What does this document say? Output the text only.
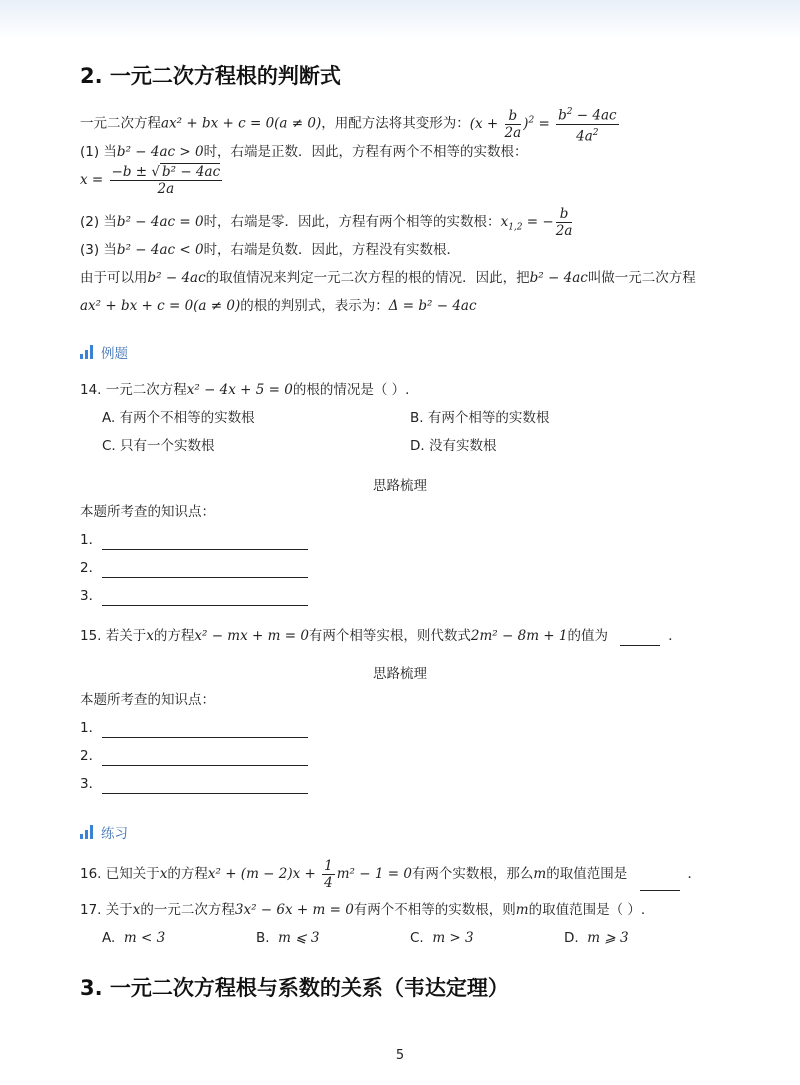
2. 一元二次方程根的判断式
一元二次方程ax² + bx + c = 0(a ≠ 0)，用配方法将其变形为：$(x + \frac{b}{2a} )^2 = \frac{b^2 - 4ac}{4a^2}$
(1) 当b² − 4ac > 0时，右端是正数．因此，方程有两个不相等的实数根：
$x = \frac{\text{−b ± √ b² − 4ac}}{2a}$
(2) 当b² − 4ac = 0时，右端是零．因此，方程有两个相等的实数根：$x_{1,2}$ = − $\frac{b}{2a}$
(3) 当b² − 4ac < 0时，右端是负数．因此，方程没有实数根．
由于可以用b² − 4ac的取值情况来判定一元二次方程的根的情况．因此，把b² − 4ac叫做一元二次方程
ax² + bx + c = 0(a ≠ 0)的根的判别式，表示为：Δ = b² − 4ac
例题
14. 一元二次方程x² − 4x + 5 = 0的根的情况是（ ）.
A. 有两个不相等的实数根	B. 有两个相等的实数根
C. 只有一个实数根	D. 没有实数根
思路梳理
本题所考查的知识点：
1．
2．
3．
15. 若关于x的方程x² − mx + m = 0有两个相等实根，则代数式2m² − 8m + 1的值为	．
思路梳理
本题所考查的知识点：
1．
2．
3．
练习
16. 已知关于x的方程$x^2 + (m - 2)x + \frac{1}{4} m^2 - 1 = 0$有两个实数根，那么m的取值范围是	．
17. 关于x的一元二次方程3x² − 6x + m = 0有两个不相等的实数根，则m的取值范围是（ ）.
A. m < 3	B. m ⩽ 3	C. m > 3	D. m ⩾ 3
3. 一元二次方程根与系数的关系（韦达定理）
5
